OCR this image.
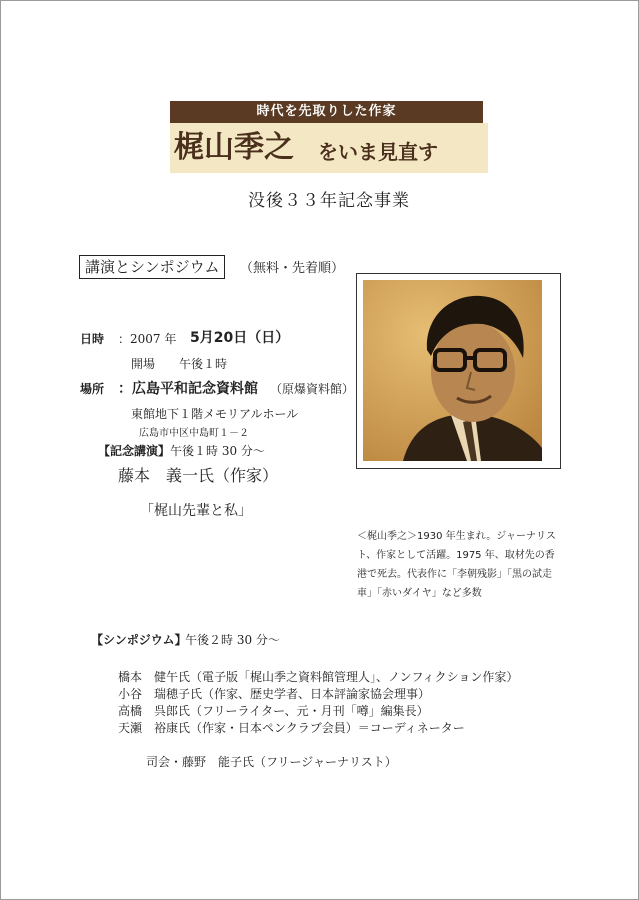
時代を先取りした作家
梶山季之 をいま見直す
没後３３年記念事業
講演とシンポジウム	（無料・先着順）
日時 ：2007 年 5月20日（日）
開場　　午後１時
場所 ：広島平和記念資料館 （原爆資料館）
東館地下１階メモリアルホール
広島市中区中島町１－２
【記念講演】 午後１時 30 分～
藤本　義一氏（作家）
「梶山先輩と私」
＜梶山季之＞1930 年生まれ。ジャーナリス
ト、作家として活躍。1975 年、取材先の香
港で死去。代表作に「李朝残影」「黒の試走
車」「赤いダイヤ」など多数
【シンポジウム】
午後２時 30 分～
橋本　健午氏（電子版「梶山季之資料館管理人」、ノンフィクション作家）
小谷　瑞穂子氏（作家、歴史学者、日本評論家協会理事）
高橋　呉郎氏（フリーライター、元・月刊「噂」編集長）
天瀬　裕康氏（作家・日本ペンクラブ会員）＝コーディネーター
司会・藤野　能子氏（フリージャーナリスト）
